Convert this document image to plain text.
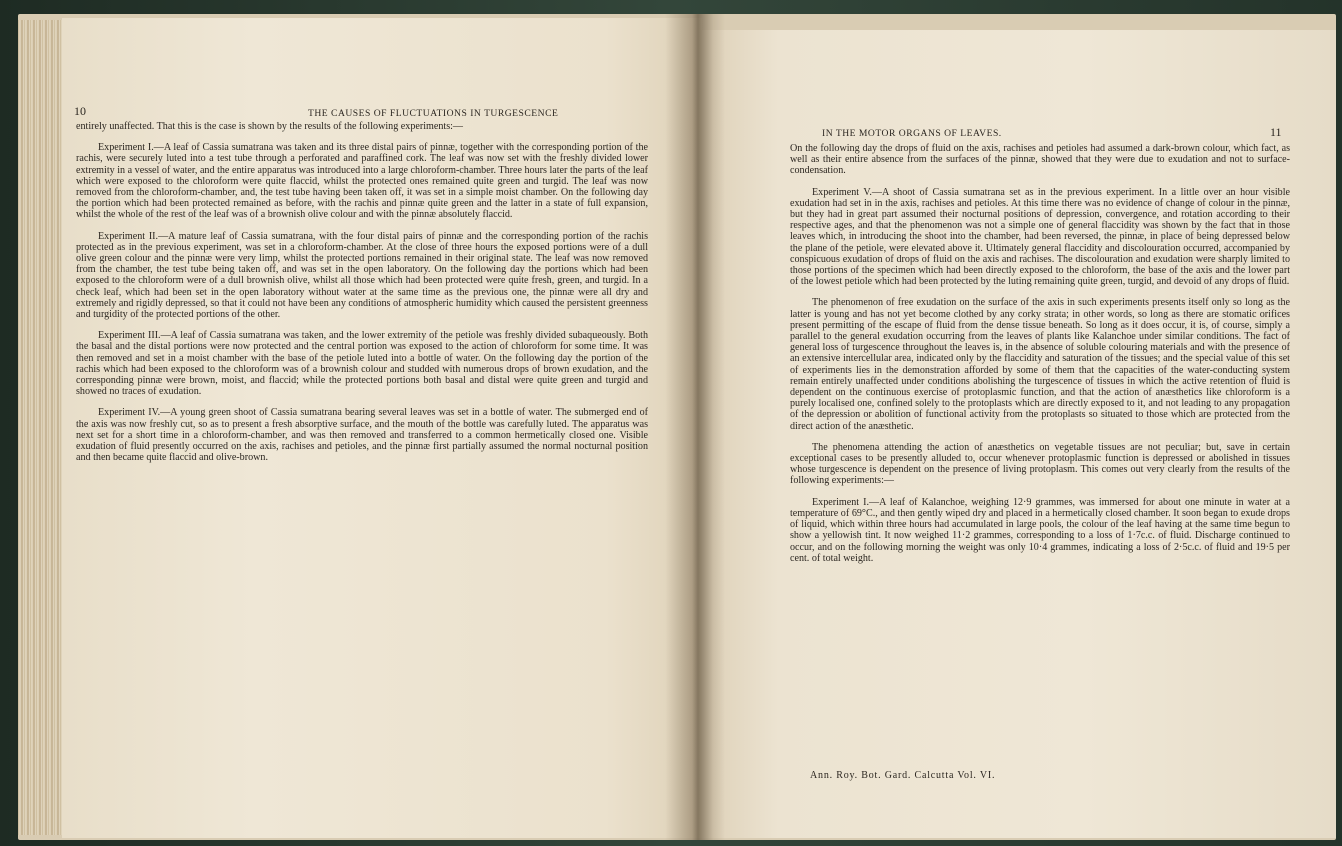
10	THE CAUSES OF FLUCTUATIONS IN TURGESCENCE

entirely unaffected. That this is the case is shown by the results of the following experiments:—

Experiment I.—A leaf of Cassia sumatrana was taken and its three distal pairs of pinnæ, together with the corresponding portion of the rachis, were securely luted into a test tube through a perforated and paraffined cork. The leaf was now set with the freshly divided lower extremity in a vessel of water, and the entire apparatus was introduced into a large chloroform-chamber. Three hours later the parts of the leaf which were exposed to the chloroform were quite flaccid, whilst the protected ones remained quite green and turgid. The leaf was now removed from the chloroform-chamber, and, the test tube having been taken off, it was set in a simple moist chamber. On the following day the portion which had been protected remained as before, with the rachis and pinnæ quite green and the latter in a state of full expansion, whilst the whole of the rest of the leaf was of a brownish olive colour and with the pinnæ absolutely flaccid.

Experiment II.—A mature leaf of Cassia sumatrana, with the four distal pairs of pinnæ and the corresponding portion of the rachis protected as in the previous experiment, was set in a chloroform-chamber. At the close of three hours the exposed portions were of a dull olive green colour and the pinnæ were very limp, whilst the protected portions remained in their original state. The leaf was now removed from the chamber, the test tube being taken off, and was set in the open laboratory. On the following day the portions which had been exposed to the chloroform were of a dull brownish olive, whilst all those which had been protected were quite fresh, green, and turgid. In a check leaf, which had been set in the open laboratory without water at the same time as the previous one, the pinnæ were all dry and extremely and rigidly depressed, so that it could not have been any conditions of atmospheric humidity which caused the persistent greenness and turgidity of the protected portions of the other.

Experiment III.—A leaf of Cassia sumatrana was taken, and the lower extremity of the petiole was freshly divided subaqueously. Both the basal and the distal portions were now protected and the central portion was exposed to the action of chloroform for some time. It was then removed and set in a moist chamber with the base of the petiole luted into a bottle of water. On the following day the portion of the rachis which had been exposed to the chloroform was of a brownish colour and studded with numerous drops of brown exudation, and the corresponding pinnæ were brown, moist, and flaccid; while the protected portions both basal and distal were quite green and turgid and showed no traces of exudation.

Experiment IV.—A young green shoot of Cassia sumatrana bearing several leaves was set in a bottle of water. The submerged end of the axis was now freshly cut, so as to present a fresh absorptive surface, and the mouth of the bottle was carefully luted. The apparatus was next set for a short time in a chloroform-chamber, and was then removed and transferred to a common hermetically closed one. Visible exudation of fluid presently occurred on the axis, rachises and petioles, and the pinnæ first partially assumed the normal nocturnal position and then became quite flaccid and olive-brown.

IN THE MOTOR ORGANS OF LEAVES.	11

On the following day the drops of fluid on the axis, rachises and petioles had assumed a dark-brown colour, which fact, as well as their entire absence from the surfaces of the pinnæ, showed that they were due to exudation and not to surface-condensation.

Experiment V.—A shoot of Cassia sumatrana set as in the previous experiment. In a little over an hour visible exudation had set in in the axis, rachises and petioles. At this time there was no evidence of change of colour in the pinnæ, but they had in great part assumed their nocturnal positions of depression, convergence, and rotation according to their respective ages, and that the phenomenon was not a simple one of general flaccidity was shown by the fact that in those leaves which, in introducing the shoot into the chamber, had been reversed, the pinnæ, in place of being depressed below the plane of the petiole, were elevated above it. Ultimately general flaccidity and discolouration occurred, accompanied by conspicuous exudation of drops of fluid on the axis and rachises. The discolouration and exudation were sharply limited to those portions of the specimen which had been directly exposed to the chloroform, the base of the axis and the lower part of the lowest petiole which had been protected by the luting remaining quite green, turgid, and devoid of any drops of fluid.

The phenomenon of free exudation on the surface of the axis in such experiments presents itself only so long as the latter is young and has not yet become clothed by any corky strata; in other words, so long as there are stomatic orifices present permitting of the escape of fluid from the dense tissue beneath. So long as it does occur, it is, of course, simply a parallel to the general exudation occurring from the leaves of plants like Kalanchoe under similar conditions. The fact of general loss of turgescence throughout the leaves is, in the absence of soluble colouring materials and with the presence of an extensive intercellular area, indicated only by the flaccidity and saturation of the tissues; and the special value of this set of experiments lies in the demonstration afforded by some of them that the capacities of the water-conducting system remain entirely unaffected under conditions abolishing the turgescence of tissues in which the active retention of fluid is dependent on the continuous exercise of protoplasmic function, and that the action of anæsthetics like chloroform is a purely localised one, confined solely to the protoplasts which are directly exposed to it, and not leading to any propagation of the depression or abolition of functional activity from the protoplasts so situated to those which are protected from the direct action of the anæsthetic.

The phenomena attending the action of anæsthetics on vegetable tissues are not peculiar; but, save in certain exceptional cases to be presently alluded to, occur whenever protoplasmic function is depressed or abolished in tissues whose turgescence is dependent on the presence of living protoplasm. This comes out very clearly from the results of the following experiments:—

Experiment I.—A leaf of Kalanchoe, weighing 12·9 grammes, was immersed for about one minute in water at a temperature of 69°C., and then gently wiped dry and placed in a hermetically closed chamber. It soon began to exude drops of liquid, which within three hours had accumulated in large pools, the colour of the leaf having at the same time begun to show a yellowish tint. It now weighed 11·2 grammes, corresponding to a loss of 1·7c.c. of fluid. Discharge continued to occur, and on the following morning the weight was only 10·4 grammes, indicating a loss of 2·5c.c. of fluid and 19·5 per cent. of total weight.

Ann. Roy. Bot. Gard. Calcutta Vol. VI.
